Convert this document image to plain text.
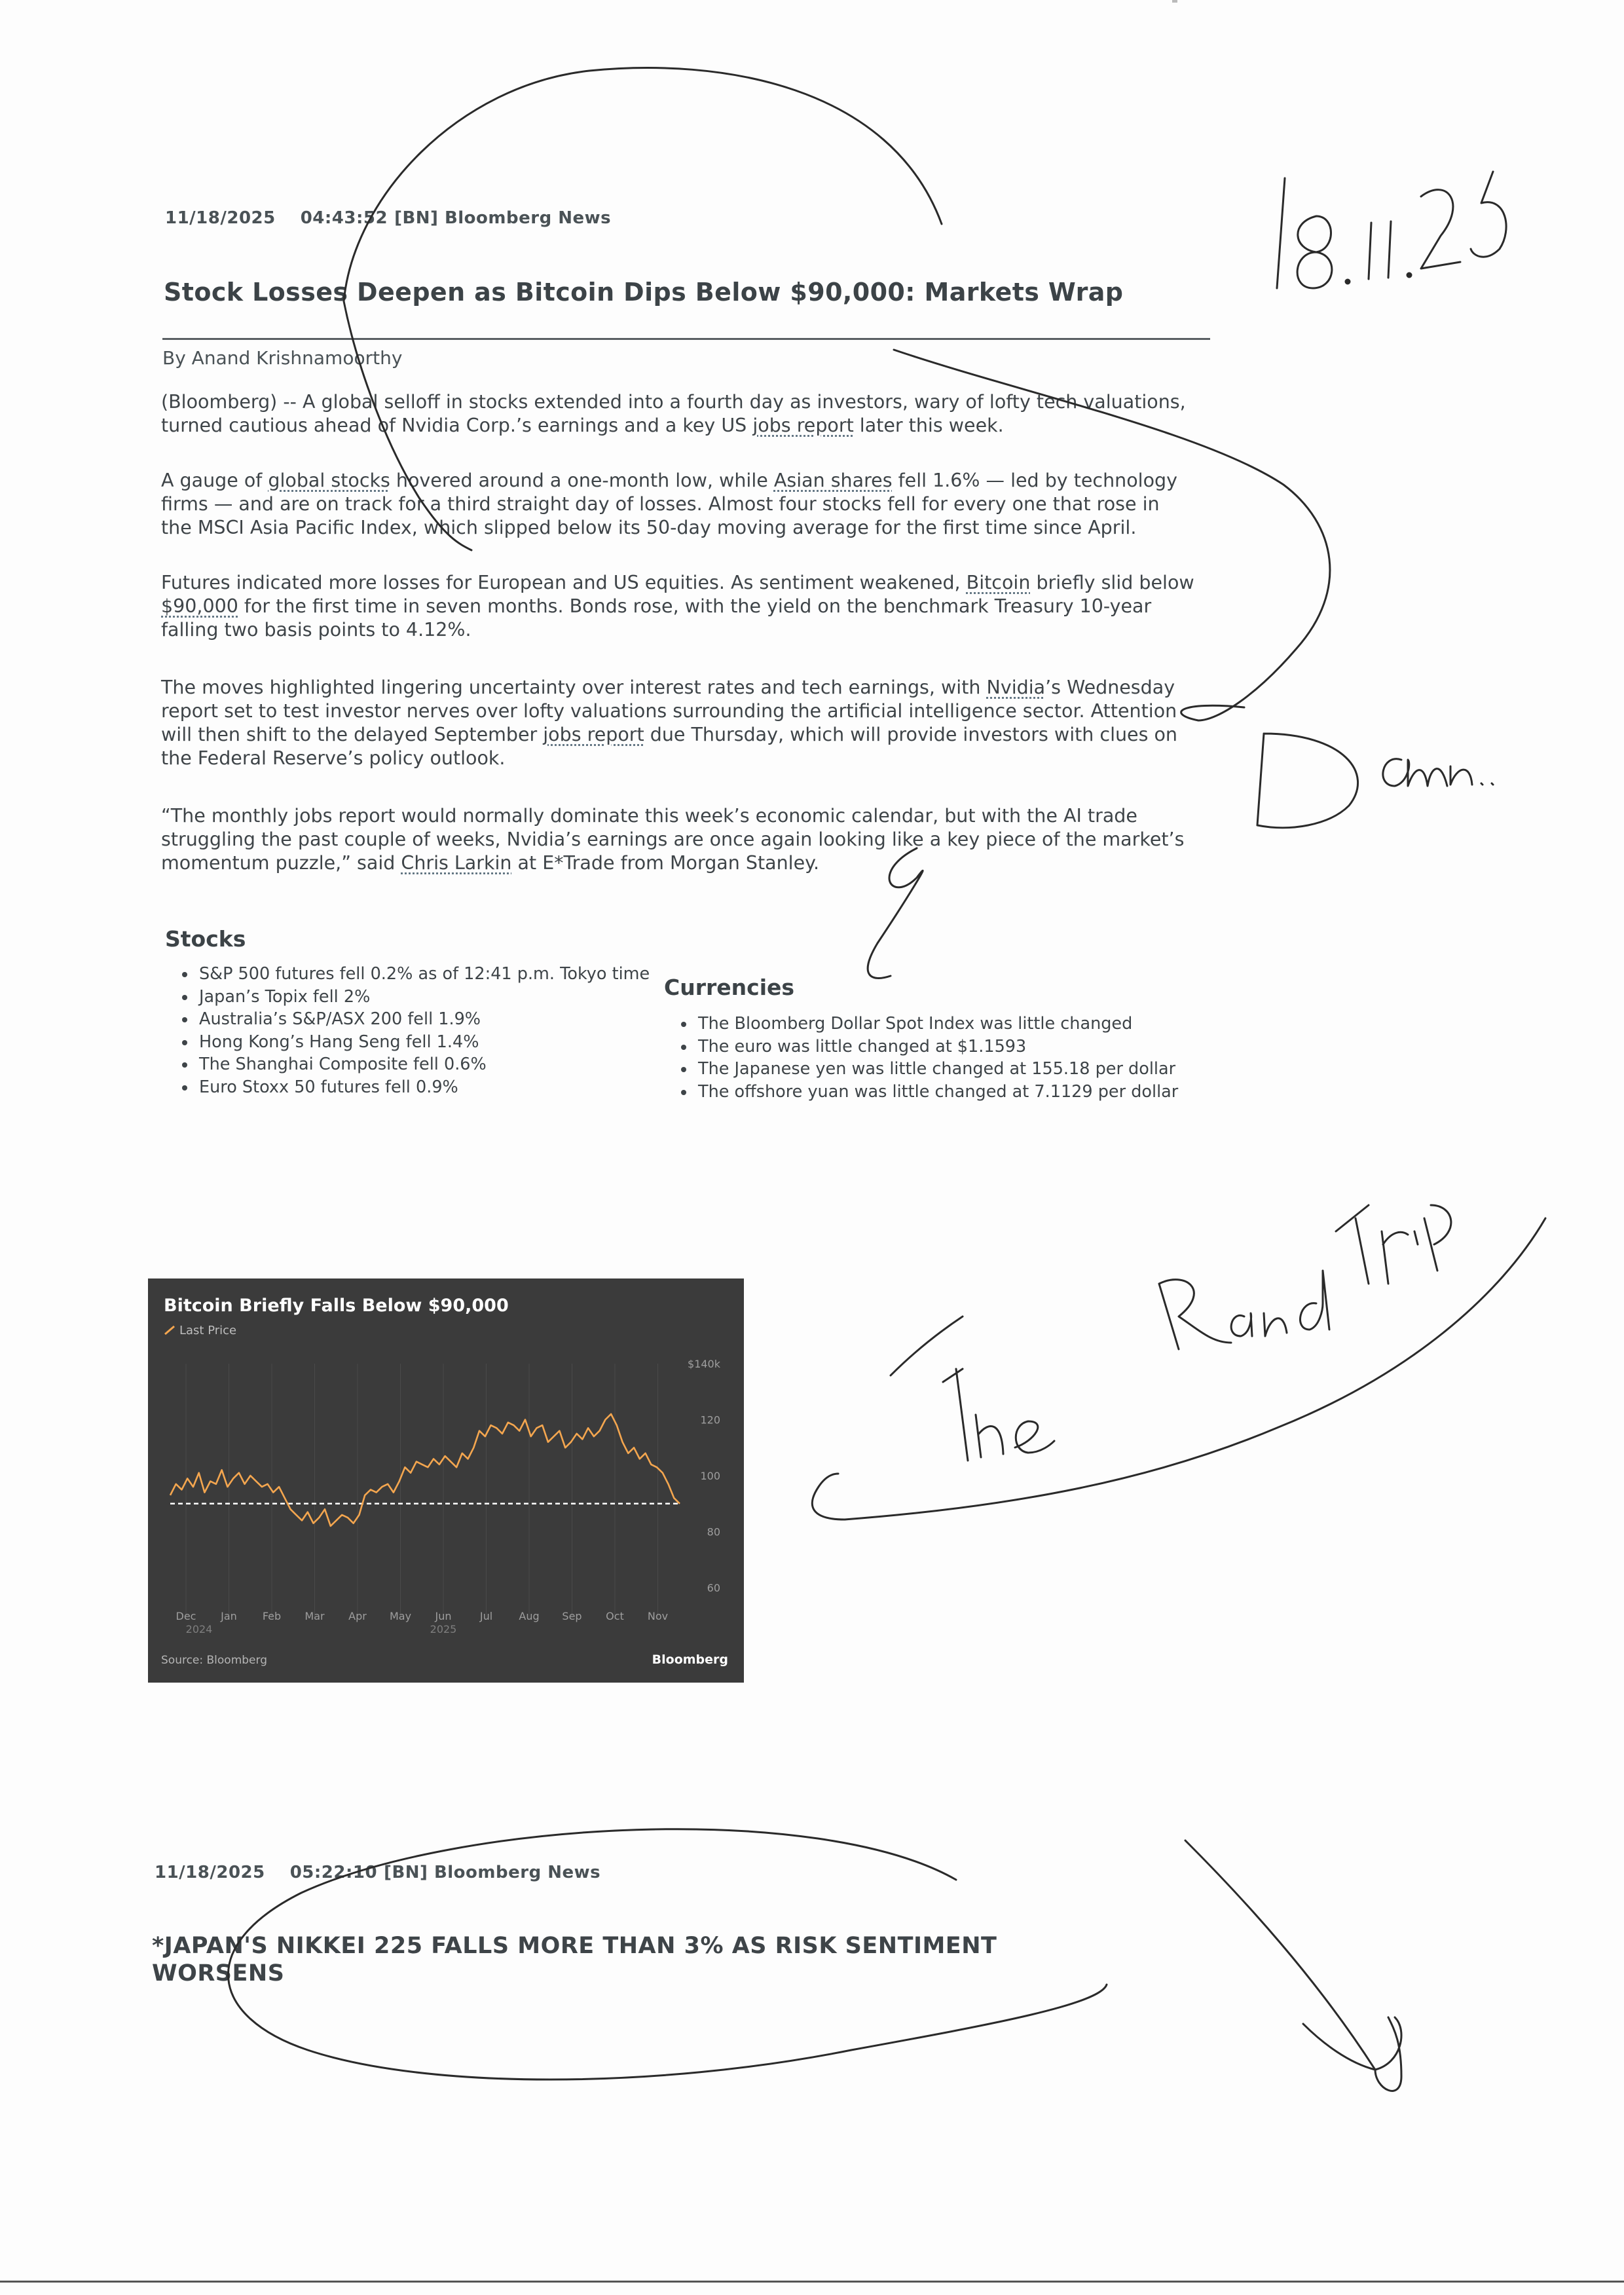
11/18/2025 04:43:52 [BN] Bloomberg News
Stock Losses Deepen as Bitcoin Dips Below $90,000: Markets Wrap
By Anand Krishnamoorthy
(Bloomberg) -- A global selloff in stocks extended into a fourth day as investors, wary of lofty tech valuations, turned cautious ahead of Nvidia Corp.’s earnings and a key US jobs report later this week.
A gauge of global stocks hovered around a one-month low, while Asian shares fell 1.6% — led by technology firms — and are on track for a third straight day of losses. Almost four stocks fell for every one that rose in the MSCI Asia Pacific Index, which slipped below its 50-day moving average for the first time since April.
Futures indicated more losses for European and US equities. As sentiment weakened, Bitcoin briefly slid below $90,000 for the first time in seven months. Bonds rose, with the yield on the benchmark Treasury 10-year falling two basis points to 4.12%.
The moves highlighted lingering uncertainty over interest rates and tech earnings, with Nvidia’s Wednesday report set to test investor nerves over lofty valuations surrounding the artificial intelligence sector. Attention will then shift to the delayed September jobs report due Thursday, which will provide investors with clues on the Federal Reserve’s policy outlook.
“The monthly jobs report would normally dominate this week’s economic calendar, but with the AI trade struggling the past couple of weeks, Nvidia’s earnings are once again looking like a key piece of the market’s momentum puzzle,” said Chris Larkin at E*Trade from Morgan Stanley.
Stocks
• S&P 500 futures fell 0.2% as of 12:41 p.m. Tokyo time
• Japan’s Topix fell 2%
• Australia’s S&P/ASX 200 fell 1.9%
• Hong Kong’s Hang Seng fell 1.4%
• The Shanghai Composite fell 0.6%
• Euro Stoxx 50 futures fell 0.9%
Currencies
• The Bloomberg Dollar Spot Index was little changed
• The euro was little changed at $1.1593
• The Japanese yen was little changed at 155.18 per dollar
• The offshore yuan was little changed at 7.1129 per dollar
Bitcoin Briefly Falls Below $90,000
Last Price
$140k
120
100
80
60
Dec Jan Feb Mar Apr May Jun	Jul	Aug Sep Oct Nov
2024	2025
Source: Bloomberg	Bloomberg
11/18/2025 05:22:10 [BN] Bloomberg News
*JAPAN'S NIKKEI 225 FALLS MORE THAN 3% AS RISK SENTIMENT WORSENS
